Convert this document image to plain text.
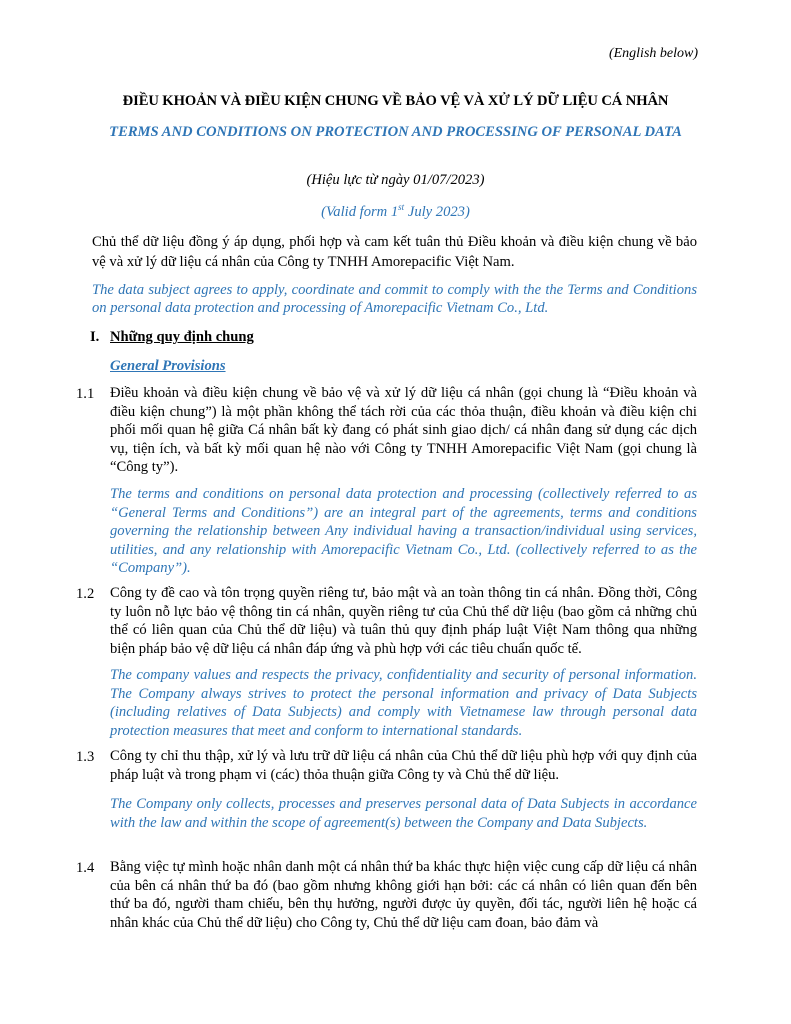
(English below)
ĐIỀU KHOẢN VÀ ĐIỀU KIỆN CHUNG VỀ BẢO VỆ VÀ XỬ LÝ DỮ LIỆU CÁ NHÂN
TERMS AND CONDITIONS ON PROTECTION AND PROCESSING OF PERSONAL DATA
(Hiệu lực từ ngày 01/07/2023)
(Valid form 1st July 2023)
Chủ thể dữ liệu đồng ý áp dụng, phối hợp và cam kết tuân thủ Điều khoản và điều kiện chung về bảo vệ và xử lý dữ liệu cá nhân của Công ty TNHH Amorepacific Việt Nam.
The data subject agrees to apply, coordinate and commit to comply with the the Terms and Conditions on personal data protection and processing of Amorepacific Vietnam Co., Ltd.
I. Những quy định chung
General Provisions
1.1 Điều khoản và điều kiện chung về bảo vệ và xử lý dữ liệu cá nhân (gọi chung là “Điều khoản và điều kiện chung”) là một phần không thể tách rời của các thỏa thuận, điều khoản và điều kiện chi phối mối quan hệ giữa Cá nhân bất kỳ đang có phát sinh giao dịch/ cá nhân đang sử dụng các dịch vụ, tiện ích, và bất kỳ mối quan hệ nào với Công ty TNHH Amorepacific Việt Nam (gọi chung là “Công ty”).
The terms and conditions on personal data protection and processing (collectively referred to as “General Terms and Conditions”) are an integral part of the agreements, terms and conditions governing the relationship between Any individual having a transaction/individual using services, utilities, and any relationship with Amorepacific Vietnam Co., Ltd. (collectively referred to as the “Company”).
1.2 Công ty đề cao và tôn trọng quyền riêng tư, bảo mật và an toàn thông tin cá nhân. Đồng thời, Công ty luôn nỗ lực bảo vệ thông tin cá nhân, quyền riêng tư của Chủ thể dữ liệu (bao gồm cả những chủ thể có liên quan của Chủ thể dữ liệu) và tuân thủ quy định pháp luật Việt Nam thông qua những biện pháp bảo vệ dữ liệu cá nhân đáp ứng và phù hợp với các tiêu chuẩn quốc tế.
The company values and respects the privacy, confidentiality and security of personal information. The Company always strives to protect the personal information and privacy of Data Subjects (including relatives of Data Subjects) and comply with Vietnamese law through personal data protection measures that meet and conform to international standards.
1.3 Công ty chỉ thu thập, xử lý và lưu trữ dữ liệu cá nhân của Chủ thể dữ liệu phù hợp với quy định của pháp luật và trong phạm vi (các) thỏa thuận giữa Công ty và Chủ thể dữ liệu.
The Company only collects, processes and preserves personal data of Data Subjects in accordance with the law and within the scope of agreement(s) between the Company and Data Subjects.
1.4 Bằng việc tự mình hoặc nhân danh một cá nhân thứ ba khác thực hiện việc cung cấp dữ liệu cá nhân của bên cá nhân thứ ba đó (bao gồm nhưng không giới hạn bởi: các cá nhân có liên quan đến bên thứ ba đó, người tham chiếu, bên thụ hưởng, người được ủy quyền, đối tác, người liên hệ hoặc cá nhân khác của Chủ thể dữ liệu) cho Công ty, Chủ thể dữ liệu cam đoan, bảo đảm và
